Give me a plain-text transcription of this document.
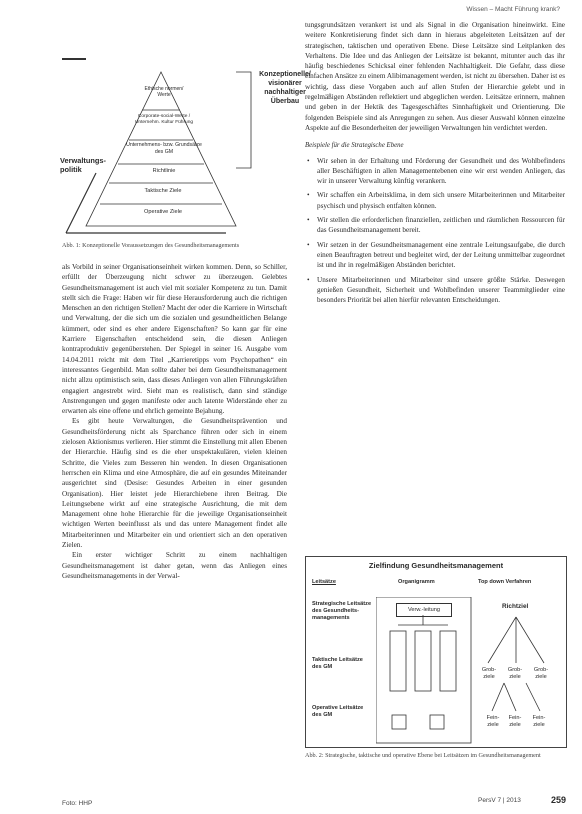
Wissen – Macht Führung krank?
Ethische normen/ Werte
Corporate-social-Werte / Unternehm. Kultur Führung
Unternehmens- bzw. Grundsätze des GM
Richtlinie
Taktische Ziele
Operative Ziele
Konzeptionelle/ visionärer nachhaltiger Überbau
Verwaltungs- politik
Abb. 1: Konzeptionelle Voraussetzungen des Gesundheitsmanagements

als Vorbild in seiner Organisationseinheit wirken kommen. Denn, so Schiller, erfüllt der Überzeugung nicht schwer zu überzeugen. Gelebtes Gesundheitsmanagement ist auch viel mit sozialer Kompetenz zu tun. Damit stellt sich die Frage: Haben wir für diese Herausforderung auch die richtigen Menschen an den richtigen Stellen? Macht der oder die Karriere in Wirtschaft und Verwaltung, der die sich um die sozialen und gesundheitlichen Belange kümmert, oder sind es eher andere Eigenschaften? So kann gar für eine Karriere Eigenschaften entscheidend sein, die diesen Anliegen kontraproduktiv gegenüberstehen. Der Spiegel in seiner 16. Ausgabe vom 14.04.2011 reicht mit dem Titel „Karrieretipps vom Psychopathen“ ein interessantes Gegenbild. Man sollte daher bei dem Gesundheitsmanagement nicht allzu optimistisch sein, dass dieses Anliegen von allen Führungskräften engagiert angestrebt wird. Sieht man es realistisch, dann sind ständige Anstrengungen und gegen manifeste oder auch latente Widerstände eher zu erwarten als eine offene und ehrlich gemeinte Bejahung.

Es gibt heute Verwaltungen, die Gesundheitsprävention und Gesundheitsförderung nicht als Sparchance führen oder sich in einem zielosen Aktionismus verlieren. Hier stimmt die Einstellung mit allen Ebenen der Hierarchie. Häufig sind es die eher unspektakulären, vielen kleinen Schritte, die Vieles zum Besseren hin wenden. In diesen Organisationen herrschen ein Klima und eine Atmosphäre, die auf ein gesundes Miteinander ausgerichtet sind (Desise: Gesundes Arbeiten in einer gesunden Organisation). Hier leistet jede Hierarchiebene ihren Beitrag. Die Leitungsebene wirkt auf eine strategische Ausrichtung, die mit dem Management ohne hohe Hierarchie für die jeweilige Organisationseinheit wichtigen Werten beeinflusst als und das untere Management findet alle Mitarbeiterinnen und Mitarbeiter ein und orientiert sich an den operativen Zielen.

Ein erster wichtiger Schritt zu einem nachhaltigen Gesundheitsmanagement ist daher getan, wenn das Anliegen eines Gesundheitsmanagements in der Verwal-

tungsgrundsätzen verankert ist und als Signal in die Organisation hineinwirkt. Eine weitere Konkretisierung findet sich dann in hieraus abgeleiteten Leitsätzen auf der strategischen, taktischen und operativen Ebene. Diese Leitsätze sind Leitplanken des Verhaltens. Die Idee und das Anliegen der Leitsätze ist bekannt, mitunter auch das ihr häufig beschiedenes Schicksal einer fehlenden Nachhaltigkeit. Die Gefahr, dass diese einfachen Ansätze zu einem Alibimanagement werden, ist nicht zu übersehen. Daher ist es wichtig, dass diese Vorgaben auch auf allen Stufen der Hierarchie gelebt und in regelmäßigen Abständen reflektiert und abgeglichen werden. Leitsätze erinnern, mahnen und geben in der Hektik des Tagesgeschäftes Sinnhaftigkeit und Orientierung. Die folgenden Beispiele sind als Anregungen zu sehen. Aus dieser Auswahl können einzelne Aspekte auf die Besonderheiten der jeweiligen Verwaltungen hin verdichtet werden.

Beispiele für die Strategische Ebene

• Wir sehen in der Erhaltung und Förderung der Gesundheit und des Wohlbefindens aller Beschäftigten in allen Managementebenen eine wir erst wenden Anliegen, das wir in unserer Verwaltung künftig verankern.
• Wir schaffen ein Arbeitsklima, in dem sich unsere Mitarbeiterinnen und Mitarbeiter psychisch und physisch entfalten können.
• Wir stellen die erforderlichen finanziellen, zeitlichen und räumlichen Ressourcen für das Gesundheitsmanagement bereit.
• Wir setzen in der Gesundheitsmanagement eine zentrale Leitungsaufgabe, die durch einen Beauftragten betreut und begleitet wird, der der Leitung unmittelbar zugeordnet ist und ihr in regelmäßigen Abständen berichtet.
• Unsere Mitarbeiterinnen und Mitarbeiter sind unsere größte Stärke. Deswegen genießen Gesundheit, Sicherheit und Wohlbefinden unserer Teammitglieder eine besonders Priorität bei allen hierfür relevanten Entscheidungen.
Zielfindung Gesundheitsmanagement
Leitsätze	Organigramm	Top down Verfahren
Strategische Leitsätze des Gesundheits-managements
Taktische Leitsätze des GM
Operative Leitsätze des GM
Verw.-leitung	Richtziel
Grob-ziele
Grob-ziele
Grob-ziele
Fein-ziele
Fein-ziele
Fein-ziele
Abb. 2: Strategische, taktische und operative Ebene bei Leitsätzen im Gesundheitsmanagement
Foto: HHP	PersV 7 | 2013	259
